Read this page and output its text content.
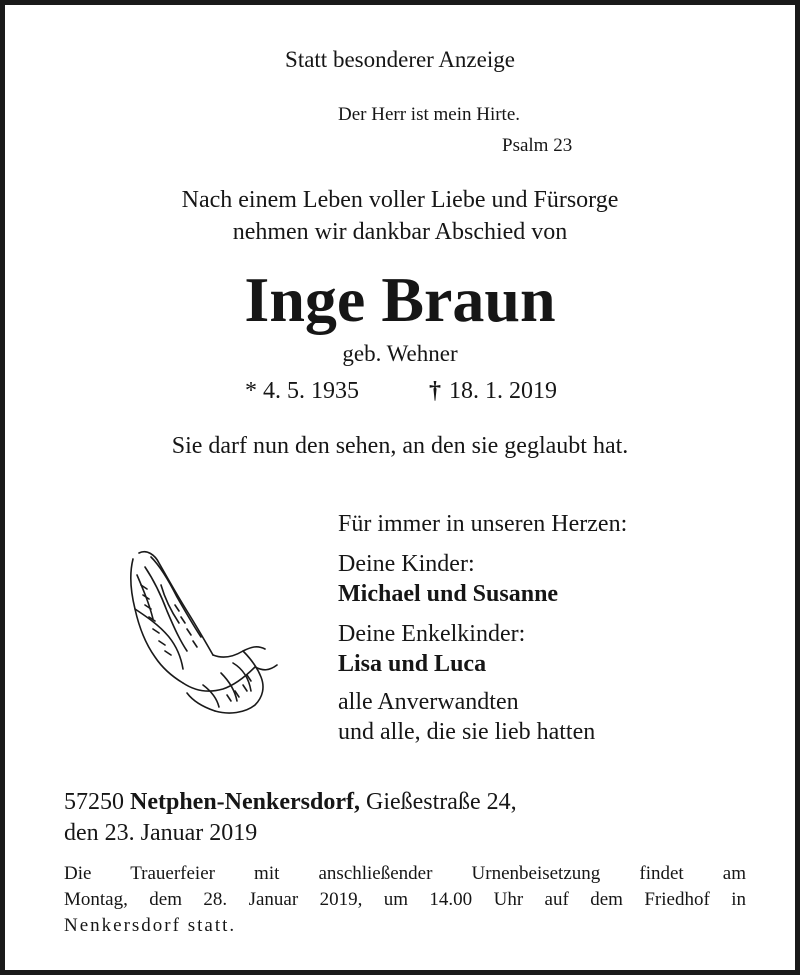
Statt besonderer Anzeige
Der Herr ist mein Hirte.
Psalm 23
Nach einem Leben voller Liebe und Fürsorge
nehmen wir dankbar Abschied von
Inge Braun
geb. Wehner
* 4. 5. 1935	† 18. 1. 2019
Sie darf nun den sehen, an den sie geglaubt hat.
Für immer in unseren Herzen:
Deine Kinder:
Michael und Susanne
Deine Enkelkinder:
Lisa und Luca
alle Anverwandten
und alle, die sie lieb hatten
57250 Netphen-Nenkersdorf, Gießestraße 24,
den 23. Januar 2019
Die Trauerfeier mit anschließender Urnenbeisetzung findet am
Montag, dem 28. Januar 2019, um 14.00 Uhr auf dem Friedhof in
Nenkersdorf statt.
